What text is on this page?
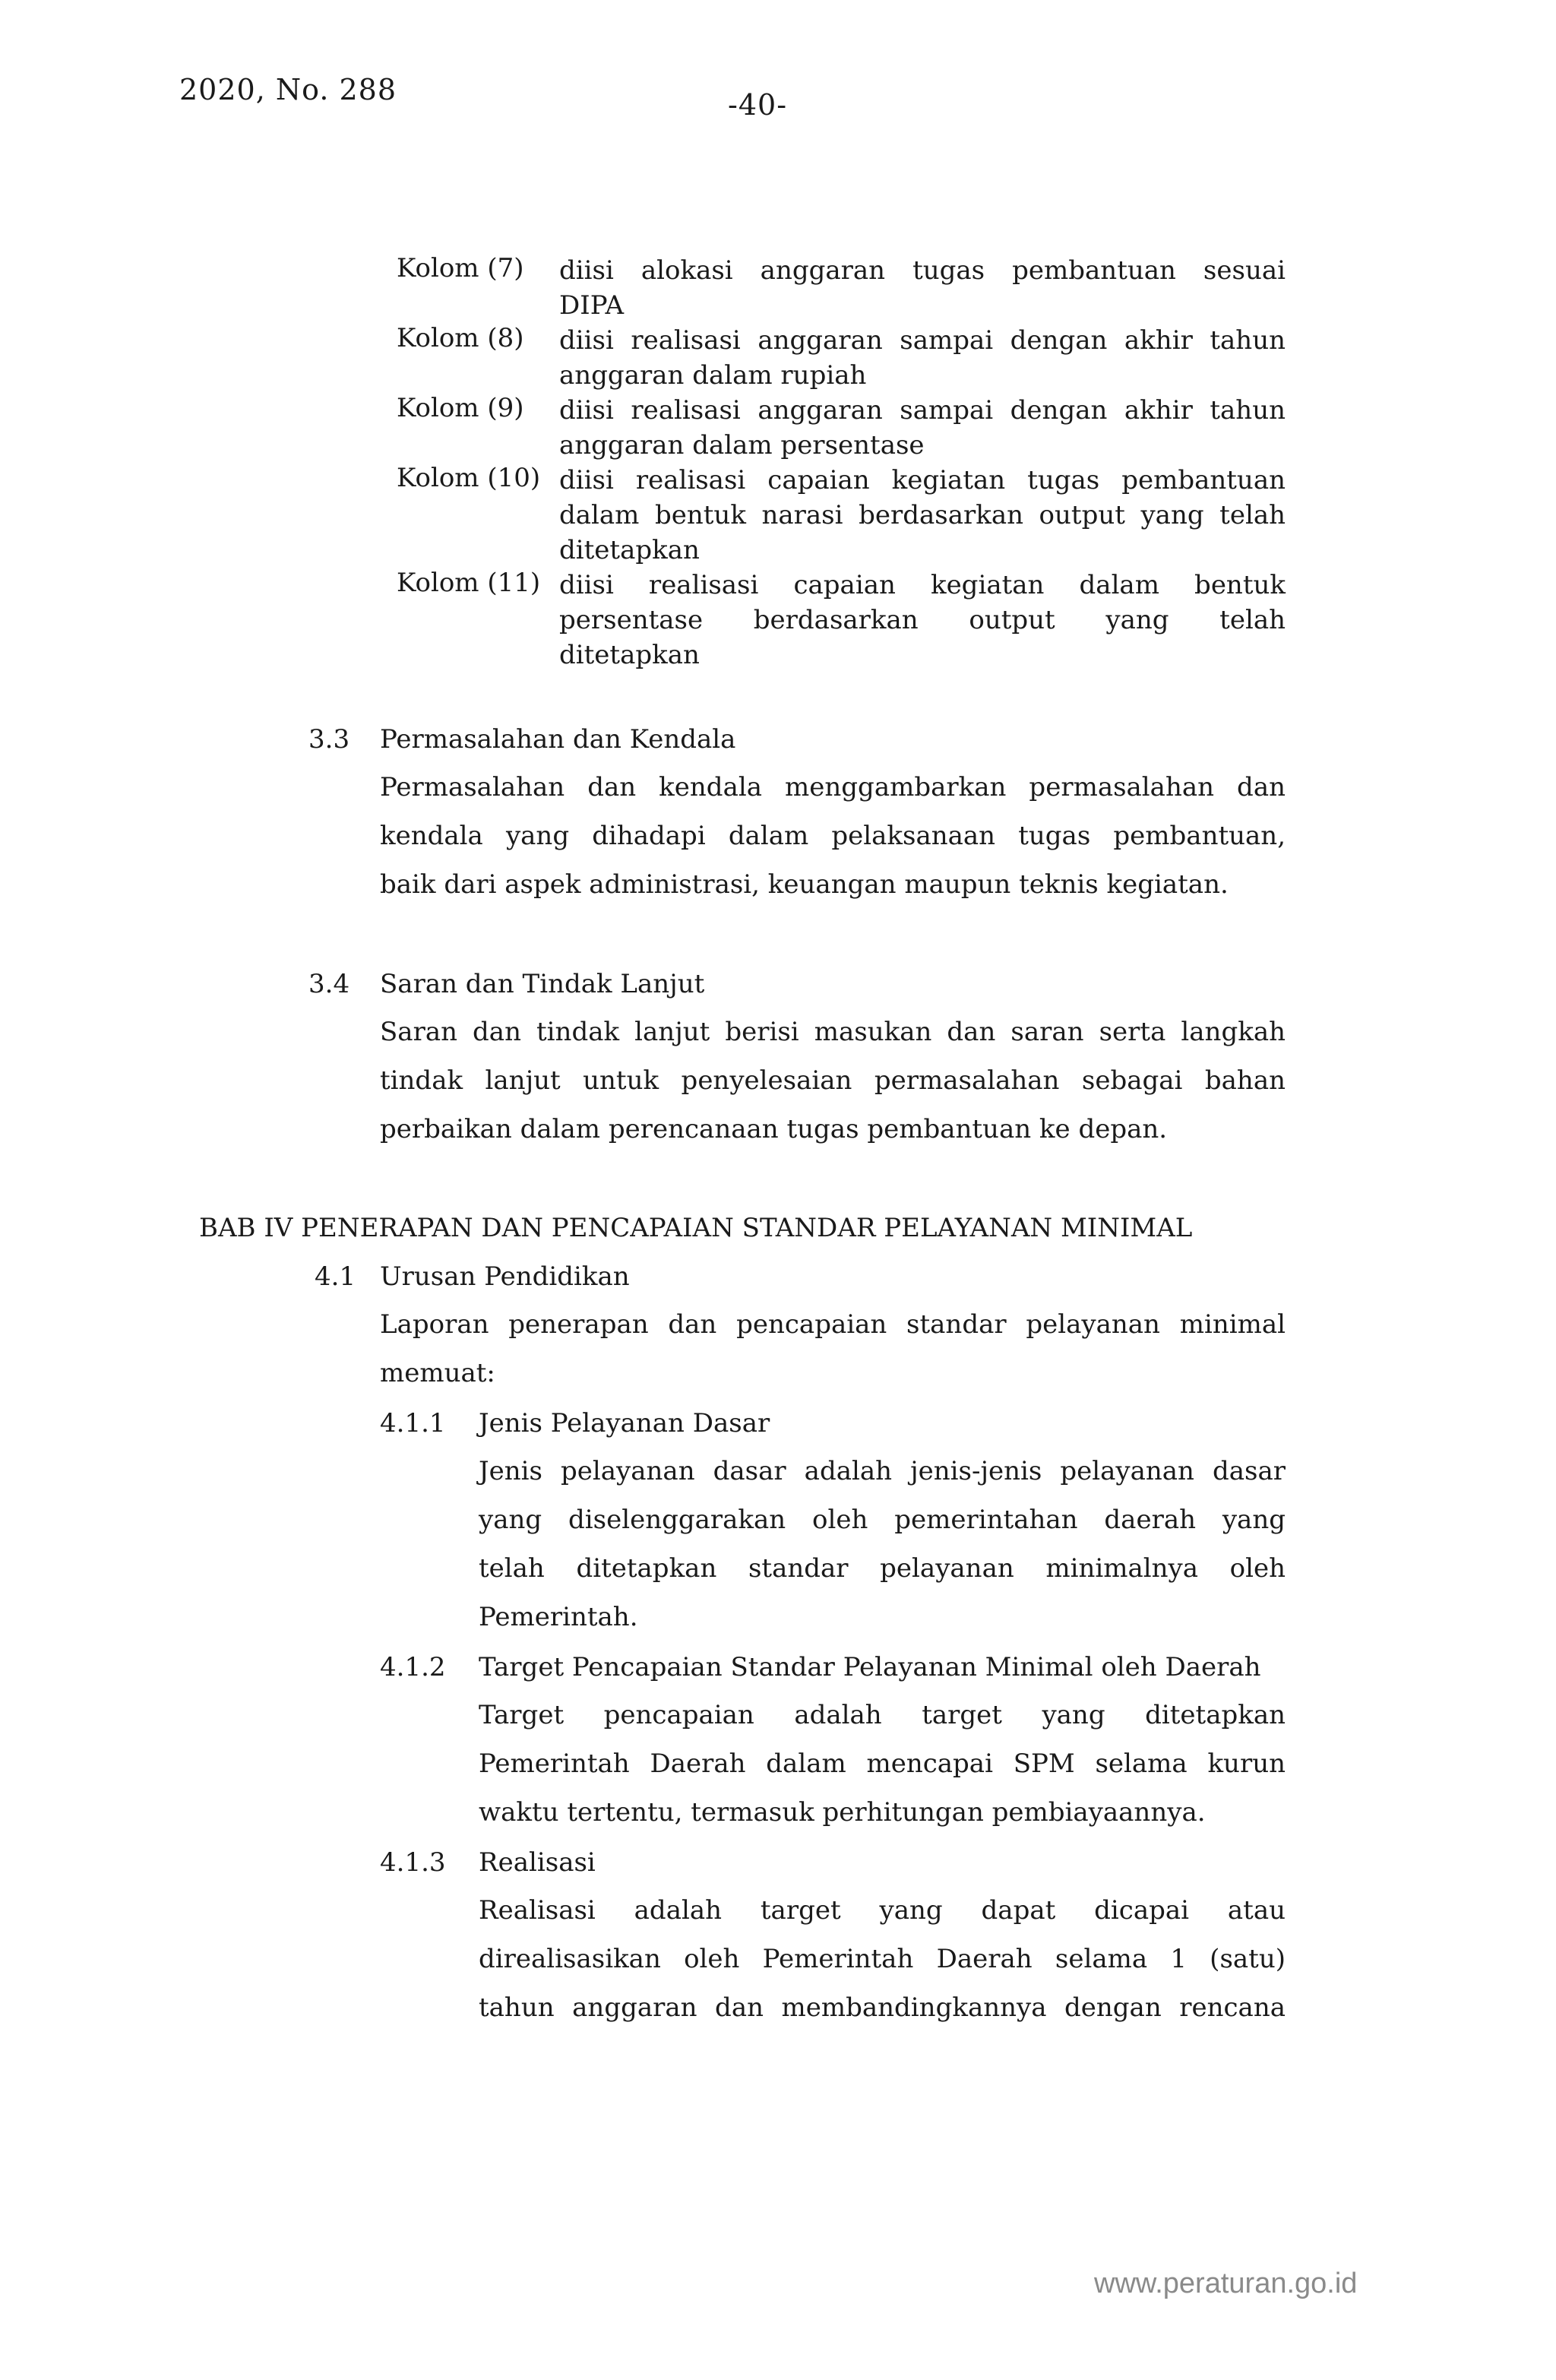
2020, No. 288	-40-
Kolom (7) diisi alokasi anggaran tugas pembantuan sesuai
DIPA
Kolom (8) diisi realisasi anggaran sampai dengan akhir tahun
anggaran dalam rupiah
Kolom (9) diisi realisasi anggaran sampai dengan akhir tahun
anggaran dalam persentase
Kolom (10) diisi realisasi capaian kegiatan tugas pembantuan
dalam bentuk narasi berdasarkan output yang telah
ditetapkan
Kolom (11) diisi realisasi capaian kegiatan dalam bentuk
persentase berdasarkan output yang telah
ditetapkan
3.3 Permasalahan dan Kendala
Permasalahan dan kendala menggambarkan permasalahan dan
kendala yang dihadapi dalam pelaksanaan tugas pembantuan,
baik dari aspek administrasi, keuangan maupun teknis kegiatan.
3.4 Saran dan Tindak Lanjut
Saran dan tindak lanjut berisi masukan dan saran serta langkah
tindak lanjut untuk penyelesaian permasalahan sebagai bahan
perbaikan dalam perencanaan tugas pembantuan ke depan.
BAB IV PENERAPAN DAN PENCAPAIAN STANDAR PELAYANAN MINIMAL
4.1 Urusan Pendidikan
Laporan penerapan dan pencapaian standar pelayanan minimal
memuat:
4.1.1 Jenis Pelayanan Dasar
Jenis pelayanan dasar adalah jenis-jenis pelayanan dasar
yang diselenggarakan oleh pemerintahan daerah yang
telah ditetapkan standar pelayanan minimalnya oleh
Pemerintah.
4.1.2 Target Pencapaian Standar Pelayanan Minimal oleh Daerah
Target pencapaian adalah target yang ditetapkan
Pemerintah Daerah dalam mencapai SPM selama kurun
waktu tertentu, termasuk perhitungan pembiayaannya.
4.1.3 Realisasi
Realisasi adalah target yang dapat dicapai atau
direalisasikan oleh Pemerintah Daerah selama 1 (satu)
tahun anggaran dan membandingkannya dengan rencana
www.peraturan.go.id
